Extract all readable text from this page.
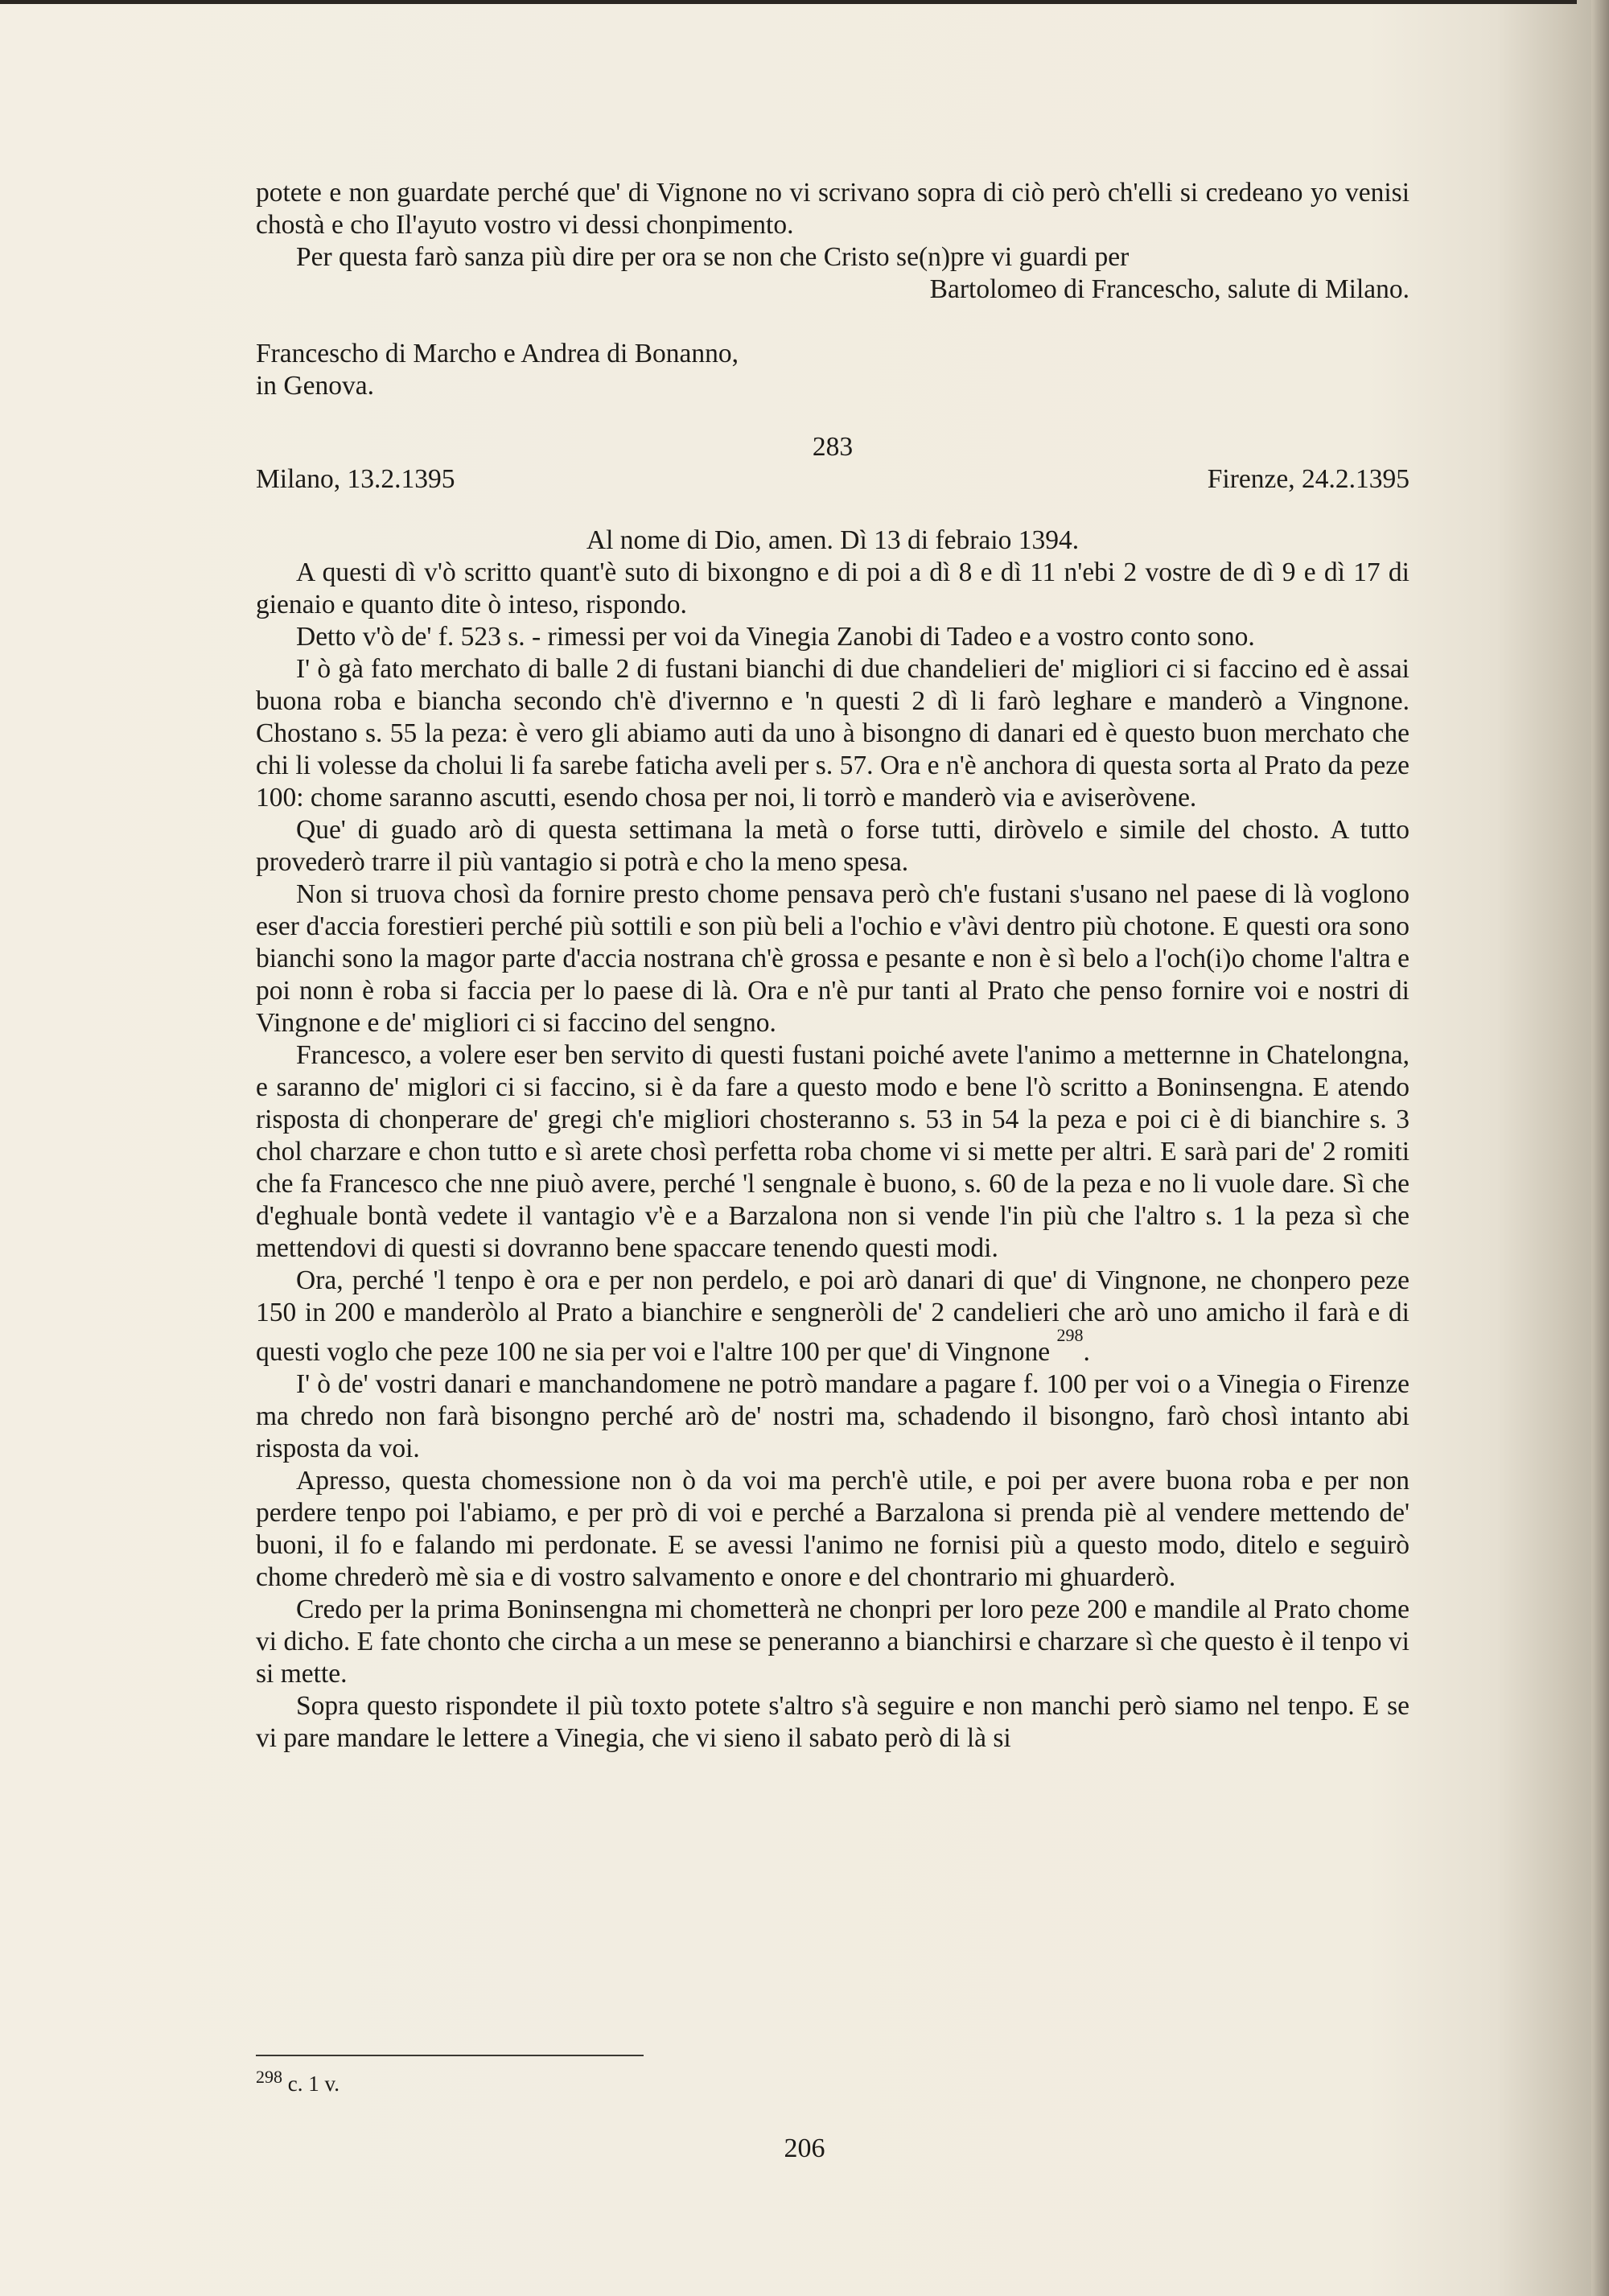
potete e non guardate perché que' di Vignone no vi scrivano sopra di ciò però ch'elli si credeano yo venisi chostà e cho Il'ayuto vostro vi dessi chonpimento.

Per questa farò sanza più dire per ora se non che Cristo se(n)pre vi guardi per

Bartolomeo di Francescho, salute di Milano.

Francescho di Marcho e Andrea di Bonanno,

in Genova.

283

Milano, 13.2.1395	Firenze, 24.2.1395

Al nome di Dio, amen. Dì 13 di febraio 1394.

A questi dì v'ò scritto quant'è suto di bixongno e di poi a dì 8 e dì 11 n'ebi 2 vostre de dì 9 e dì 17 di gienaio e quanto dite ò inteso, rispondo.

Detto v'ò de' f. 523 s. - rimessi per voi da Vinegia Zanobi di Tadeo e a vostro conto sono.

I' ò gà fato merchato di balle 2 di fustani bianchi di due chandelieri de' migliori ci si faccino ed è assai buona roba e biancha secondo ch'è d'ivernno e 'n questi 2 dì li farò leghare e manderò a Vingnone. Chostano s. 55 la peza: è vero gli abiamo auti da uno à bisongno di danari ed è questo buon merchato che chi li volesse da cholui li fa sarebe faticha aveli per s. 57. Ora e n'è anchora di questa sorta al Prato da peze 100: chome saranno ascutti, esendo chosa per noi, li torrò e manderò via e aviseròvene.

Que' di guado arò di questa settimana la metà o forse tutti, diròvelo e simile del chosto. A tutto provederò trarre il più vantagio si potrà e cho la meno spesa.

Non si truova chosì da fornire presto chome pensava però ch'e fustani s'usano nel paese di là voglono eser d'accia forestieri perché più sottili e son più beli a l'ochio e v'àvi dentro più chotone. E questi ora sono bianchi sono la magor parte d'accia nostrana ch'è grossa e pesante e non è sì belo a l'och(i)o chome l'altra e poi nonn è roba si faccia per lo paese di là. Ora e n'è pur tanti al Prato che penso fornire voi e nostri di Vingnone e de' migliori ci si faccino del sengno.

Francesco, a volere eser ben servito di questi fustani poiché avete l'animo a metternne in Chatelongna, e saranno de' miglori ci si faccino, si è da fare a questo modo e bene l'ò scritto a Boninsengna. E atendo risposta di chonperare de' gregi ch'e migliori chosteranno s. 53 in 54 la peza e poi ci è di bianchire s. 3 chol charzare e chon tutto e sì arete chosì perfetta roba chome vi si mette per altri. E sarà pari de' 2 romiti che fa Francesco che nne piuò avere, perché 'l sengnale è buono, s. 60 de la peza e no li vuole dare. Sì che d'eghuale bontà vedete il vantagio v'è e a Barzalona non si vende l'in più che l'altro s. 1 la peza sì che mettendovi di questi si dovranno bene spaccare tenendo questi modi.

Ora, perché 'l tenpo è ora e per non perdelo, e poi arò danari di que' di Vingnone, ne chonpero peze 150 in 200 e manderòlo al Prato a bianchire e sengneròli de' 2 candelieri che arò uno amicho il farà e di questi voglo che peze 100 ne sia per voi e l'altre 100 per que' di Vingnone $^{298}$.

I' ò de' vostri danari e manchandomene ne potrò mandare a pagare f. 100 per voi o a Vinegia o Firenze ma chredo non farà bisongno perché arò de' nostri ma, schadendo il bisongno, farò chosì intanto abi risposta da voi.

Apresso, questa chomessione non ò da voi ma perch'è utile, e poi per avere buona roba e per non perdere tenpo poi l'abiamo, e per prò di voi e perché a Barzalona si prenda piè al vendere mettendo de' buoni, il fo e falando mi perdonate. E se avessi l'animo ne fornisi più a questo modo, ditelo e seguirò chome chrederò mè sia e di vostro salvamento e onore e del chontrario mi ghuarderò.

Credo per la prima Boninsengna mi chometterà ne chonpri per loro peze 200 e mandile al Prato chome vi dicho. E fate chonto che circha a un mese se peneranno a bianchirsi e charzare sì che questo è il tenpo vi si mette.

Sopra questo rispondete il più toxto potete s'altro s'à seguire e non manchi però siamo nel tenpo. E se vi pare mandare le lettere a Vinegia, che vi sieno il sabato però di là si

$^{298}$ c. 1 v.
206
